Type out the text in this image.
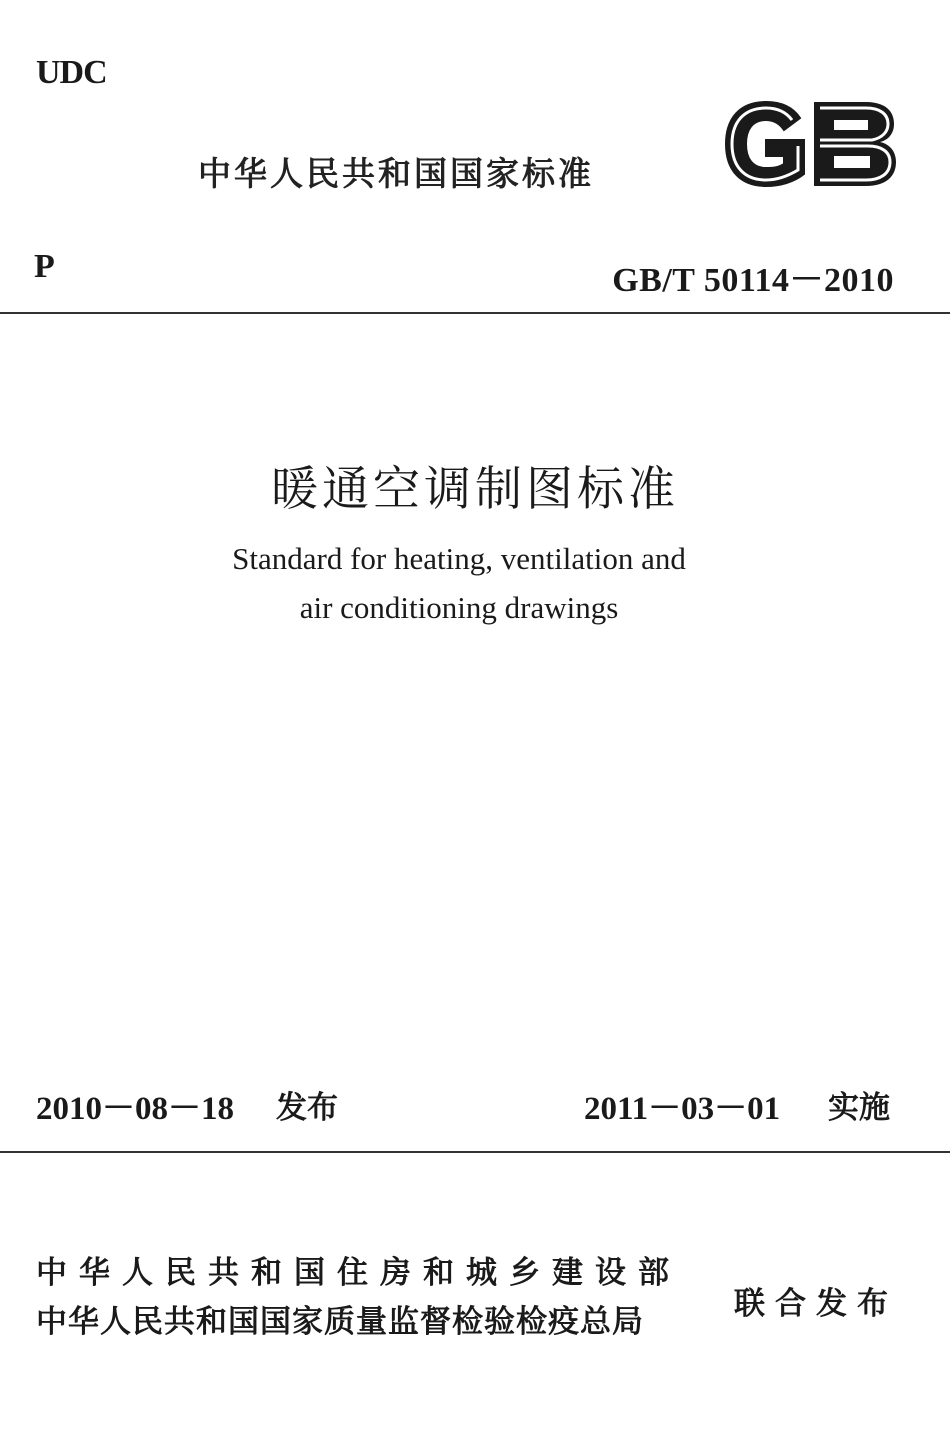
UDC
中华人民共和国国家标准
P	GB/T 50114－2010
暖通空调制图标准
Standard for heating, ventilation and
air conditioning drawings
2010－08－18 发布	2011－03－01 实施
中华人民共和国住房和城乡建设部
中华人民共和国国家质量监督检验检疫总局	联合发布
